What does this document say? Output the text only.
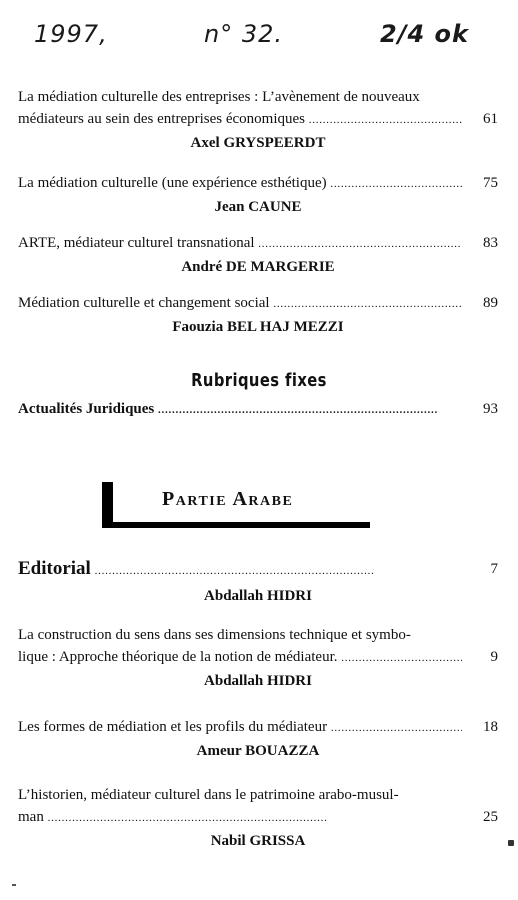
1997,	n° 32.	2/4 ok
La médiation culturelle des entreprises : L’avènement de nouveaux
médiateurs au sein des entreprises économiques	61
. . .
Axel GRYSPEERDT
La médiation culturelle (une expérience esthétique)	75
. . .
Jean CAUNE
ARTE, médiateur culturel transnational	83
. . .
André DE MARGERIE
Médiation culturelle et changement social	89
. . .
Faouzia BEL HAJ MEZZI
Rubriques fixes
Actualités Juridiques	93
. . .
Partie Arabe
Editorial	7
. . .
Abdallah HIDRI
La construction du sens dans ses dimensions technique et symbo-
lique : Approche théorique de la notion de médiateur.	9
. . .
Abdallah HIDRI
Les formes de médiation et les profils du médiateur	18
. . .
Ameur BOUAZZA
L’historien, médiateur culturel dans le patrimoine arabo-musul-
man	25
. . .
Nabil GRISSA
